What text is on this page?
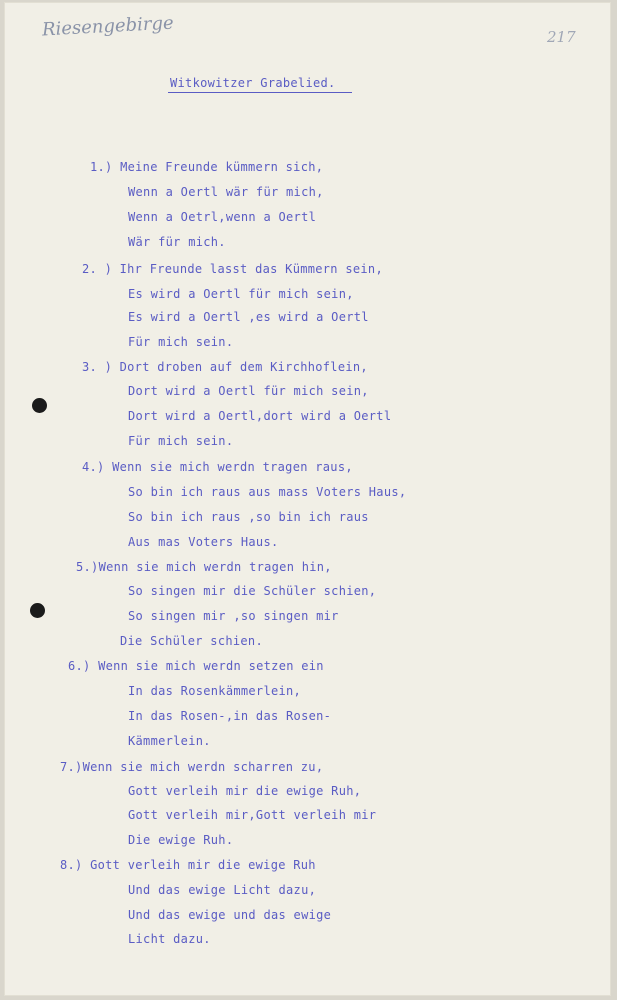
Riesengebirge	217
Witkowitzer Grabelied.
1.) Meine Freunde kümmern sich,
Wenn a Oertl wär für mich,
Wenn a Oetrl,wenn a Oertl
Wär für mich.
2. ) Ihr Freunde lasst das Kümmern sein,
Es wird a Oertl für mich sein,
Es wird a Oertl ,es wird a Oertl
Für mich sein.
3. ) Dort droben auf dem Kirchhoflein,
Dort wird a Oertl für mich sein,
Dort wird a Oertl,dort wird a Oertl
Für mich sein.
4.) Wenn sie mich werdn tragen raus,
So bin ich raus aus mass Voters Haus,
So bin ich raus ,so bin ich raus
Aus mas Voters Haus.
5.)Wenn sie mich werdn tragen hin,
So singen mir die Schüler schien,
So singen mir ,so singen mir
Die Schüler schien.
6.) Wenn sie mich werdn setzen ein
In das Rosenkämmerlein,
In das Rosen-,in das Rosen-
Kämmerlein.
7.)Wenn sie mich werdn scharren zu,
Gott verleih mir die ewige Ruh,
Gott verleih mir,Gott verleih mir
Die ewige Ruh.
8.) Gott verleih mir die ewige Ruh
Und das ewige Licht dazu,
Und das ewige und das ewige
Licht dazu.
